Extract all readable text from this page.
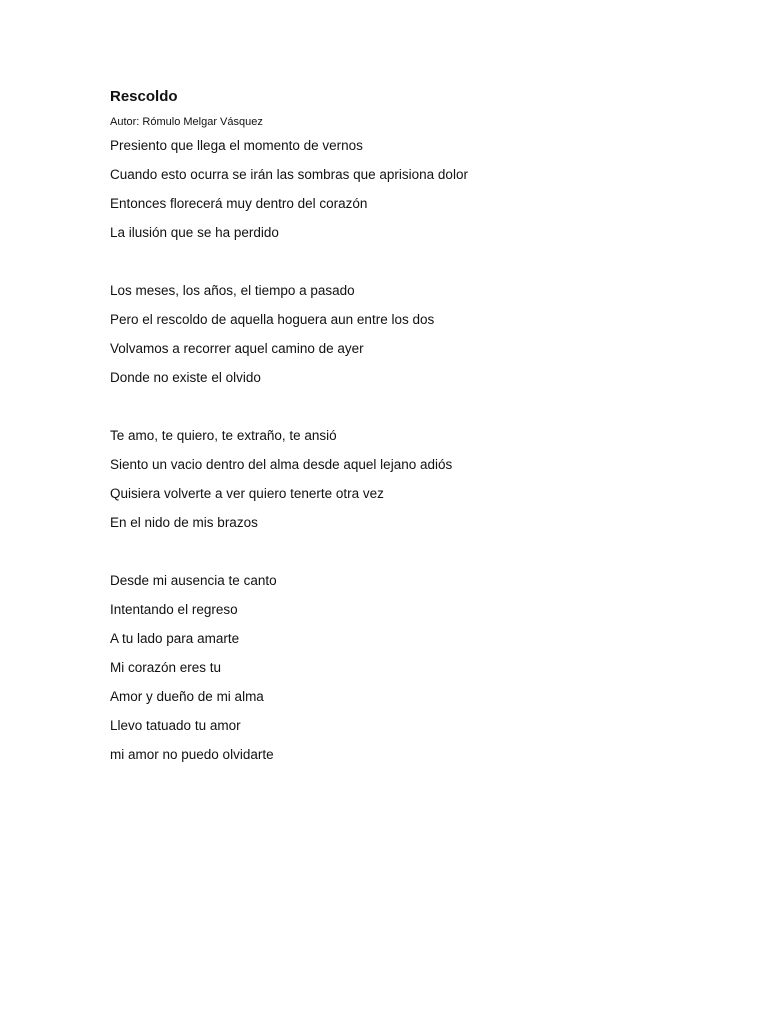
Rescoldo

Autor: Rómulo Melgar Vásquez

Presiento que llega el momento de vernos

Cuando esto ocurra se irán las sombras que aprisiona dolor

Entonces florecerá muy dentro del corazón

La ilusión que se ha perdido

Los meses, los años, el tiempo a pasado

Pero el rescoldo de aquella hoguera aun entre los dos

Volvamos a recorrer aquel camino de ayer

Donde no existe el olvido

Te amo, te quiero, te extraño, te ansió

Siento un vacio dentro del alma desde aquel lejano adiós

Quisiera volverte a ver quiero tenerte otra vez

En el nido de mis brazos

Desde mi ausencia te canto

Intentando el regreso

A tu lado para amarte

Mi corazón eres tu

Amor y dueño de mi alma

Llevo tatuado tu amor

mi amor no puedo olvidarte
